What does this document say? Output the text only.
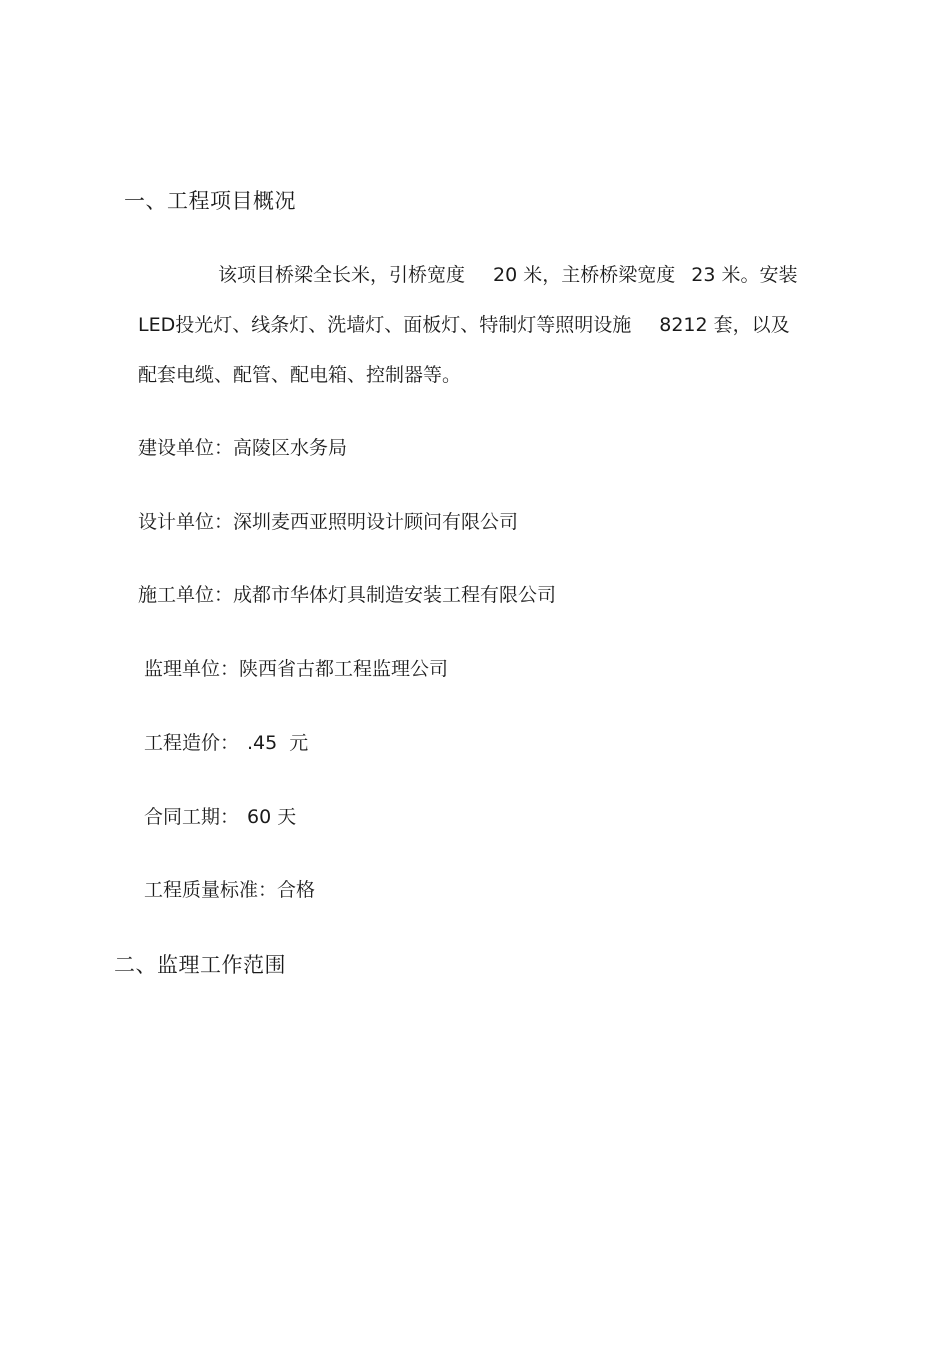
一、工程项目概况
该项目桥梁全长米，引桥宽度 20 米，主桥桥梁宽度 23 米。安装
LED投光灯、线条灯、洗墙灯、面板灯、特制灯等照明设施 8212 套，以及
配套电缆、配管、配电箱、控制器等。
建设单位：高陵区水务局
设计单位：深圳麦西亚照明设计顾问有限公司
施工单位：成都市华体灯具制造安装工程有限公司
监理单位：陕西省古都工程监理公司
工程造价： .45  元
合同工期： 60 天
工程质量标准：合格
二、监理工作范围
